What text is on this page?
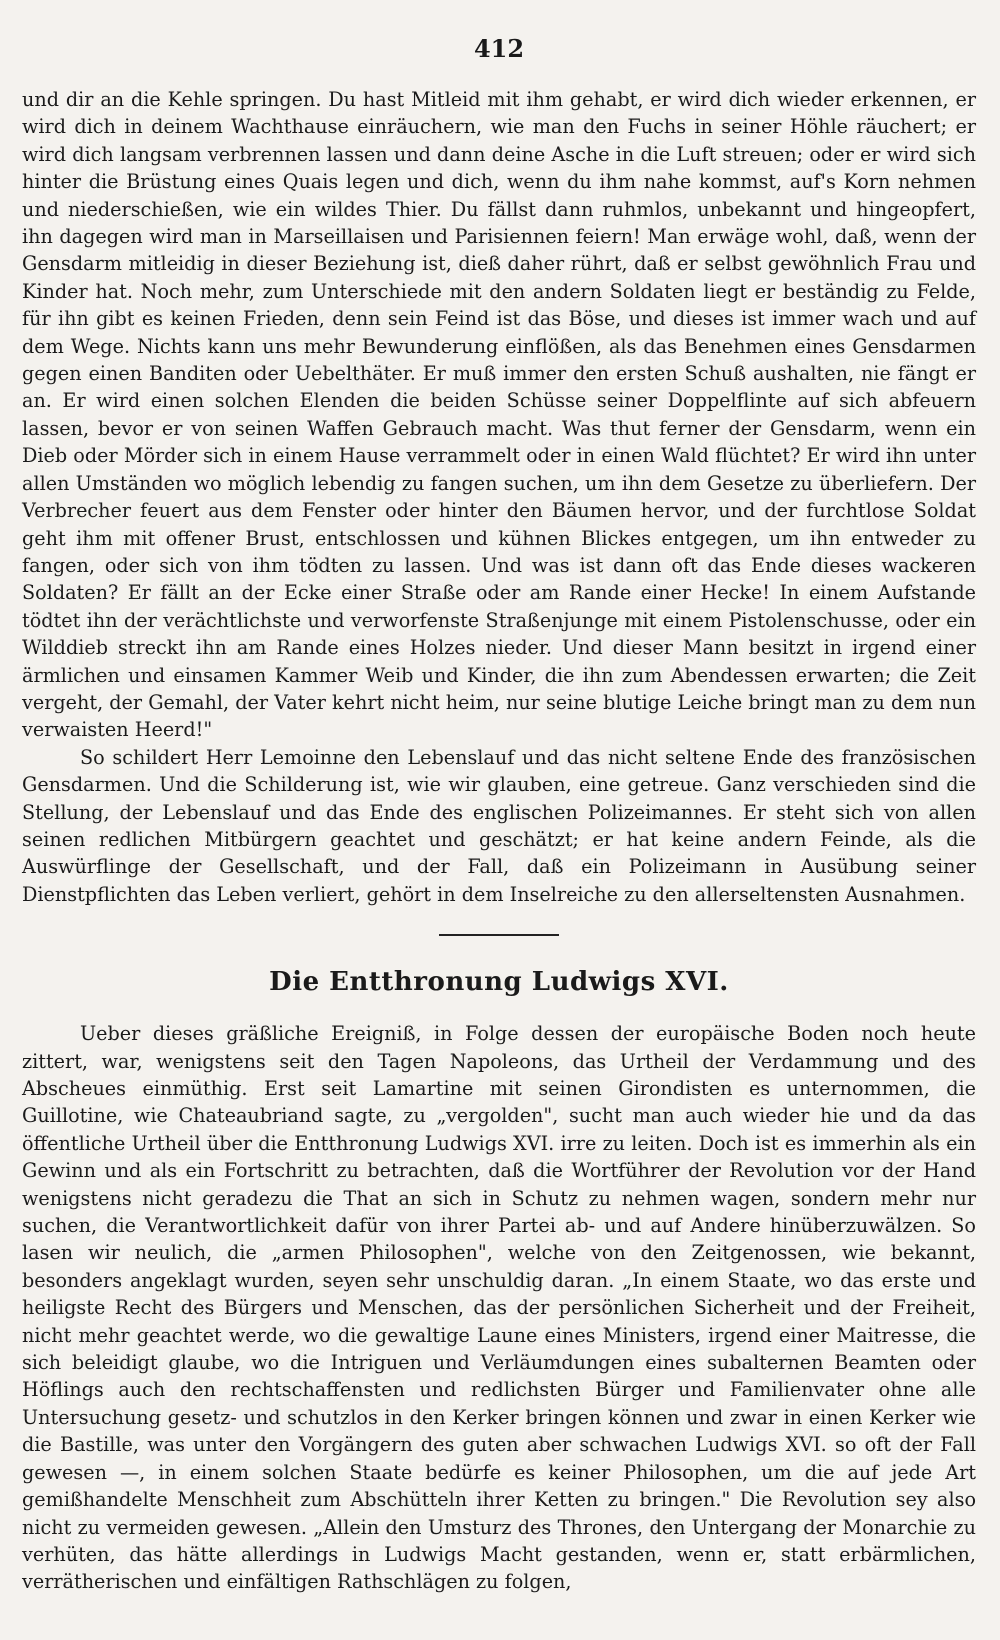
412

und dir an die Kehle springen. Du hast Mitleid mit ihm gehabt, er wird dich wieder erkennen, er wird dich in deinem Wachthause einräuchern, wie man den Fuchs in seiner Höhle räuchert; er wird dich langsam verbrennen lassen und dann deine Asche in die Luft streuen; oder er wird sich hinter die Brüstung eines Quais legen und dich, wenn du ihm nahe kommst, auf's Korn nehmen und niederschießen, wie ein wildes Thier. Du fällst dann ruhmlos, unbekannt und hingeopfert, ihn dagegen wird man in Marseillaisen und Parisiennen feiern! Man erwäge wohl, daß, wenn der Gensdarm mitleidig in dieser Beziehung ist, dieß daher rührt, daß er selbst gewöhnlich Frau und Kinder hat. Noch mehr, zum Unterschiede mit den andern Soldaten liegt er beständig zu Felde, für ihn gibt es keinen Frieden, denn sein Feind ist das Böse, und dieses ist immer wach und auf dem Wege. Nichts kann uns mehr Bewunderung einflößen, als das Benehmen eines Gensdarmen gegen einen Banditen oder Uebelthäter. Er muß immer den ersten Schuß aushalten, nie fängt er an. Er wird einen solchen Elenden die beiden Schüsse seiner Doppelflinte auf sich abfeuern lassen, bevor er von seinen Waffen Gebrauch macht. Was thut ferner der Gensdarm, wenn ein Dieb oder Mörder sich in einem Hause verrammelt oder in einen Wald flüchtet? Er wird ihn unter allen Umständen wo möglich lebendig zu fangen suchen, um ihn dem Gesetze zu überliefern. Der Verbrecher feuert aus dem Fenster oder hinter den Bäumen hervor, und der furchtlose Soldat geht ihm mit offener Brust, entschlossen und kühnen Blickes entgegen, um ihn entweder zu fangen, oder sich von ihm tödten zu lassen. Und was ist dann oft das Ende dieses wackeren Soldaten? Er fällt an der Ecke einer Straße oder am Rande einer Hecke! In einem Aufstande tödtet ihn der verächtlichste und verworfenste Straßenjunge mit einem Pistolenschusse, oder ein Wilddieb streckt ihn am Rande eines Holzes nieder. Und dieser Mann besitzt in irgend einer ärmlichen und einsamen Kammer Weib und Kinder, die ihn zum Abendessen erwarten; die Zeit vergeht, der Gemahl, der Vater kehrt nicht heim, nur seine blutige Leiche bringt man zu dem nun verwaisten Heerd!"

So schildert Herr Lemoinne den Lebenslauf und das nicht seltene Ende des französischen Gensdarmen. Und die Schilderung ist, wie wir glauben, eine getreue. Ganz verschieden sind die Stellung, der Lebenslauf und das Ende des englischen Polizeimannes. Er steht sich von allen seinen redlichen Mitbürgern geachtet und geschätzt; er hat keine andern Feinde, als die Auswürflinge der Gesellschaft, und der Fall, daß ein Polizeimann in Ausübung seiner Dienstpflichten das Leben verliert, gehört in dem Inselreiche zu den allerseltensten Ausnahmen.

Die Entthronung Ludwigs XVI.

Ueber dieses gräßliche Ereigniß, in Folge dessen der europäische Boden noch heute zittert, war, wenigstens seit den Tagen Napoleons, das Urtheil der Verdammung und des Abscheues einmüthig. Erst seit Lamartine mit seinen Girondisten es unternommen, die Guillotine, wie Chateaubriand sagte, zu „vergolden", sucht man auch wieder hie und da das öffentliche Urtheil über die Entthronung Ludwigs XVI. irre zu leiten. Doch ist es immerhin als ein Gewinn und als ein Fortschritt zu betrachten, daß die Wortführer der Revolution vor der Hand wenigstens nicht geradezu die That an sich in Schutz zu nehmen wagen, sondern mehr nur suchen, die Verantwortlichkeit dafür von ihrer Partei ab- und auf Andere hinüberzuwälzen. So lasen wir neulich, die „armen Philosophen", welche von den Zeitgenossen, wie bekannt, besonders angeklagt wurden, seyen sehr unschuldig daran. „In einem Staate, wo das erste und heiligste Recht des Bürgers und Menschen, das der persönlichen Sicherheit und der Freiheit, nicht mehr geachtet werde, wo die gewaltige Laune eines Ministers, irgend einer Maitresse, die sich beleidigt glaube, wo die Intriguen und Verläumdungen eines subalternen Beamten oder Höflings auch den rechtschaffensten und redlichsten Bürger und Familienvater ohne alle Untersuchung gesetz- und schutzlos in den Kerker bringen können und zwar in einen Kerker wie die Bastille, was unter den Vorgängern des guten aber schwachen Ludwigs XVI. so oft der Fall gewesen —, in einem solchen Staate bedürfe es keiner Philosophen, um die auf jede Art gemißhandelte Menschheit zum Abschütteln ihrer Ketten zu bringen." Die Revolution sey also nicht zu vermeiden gewesen. „Allein den Umsturz des Thrones, den Untergang der Monarchie zu verhüten, das hätte allerdings in Ludwigs Macht gestanden, wenn er, statt erbärmlichen, verrätherischen und einfältigen Rathschlägen zu folgen,
